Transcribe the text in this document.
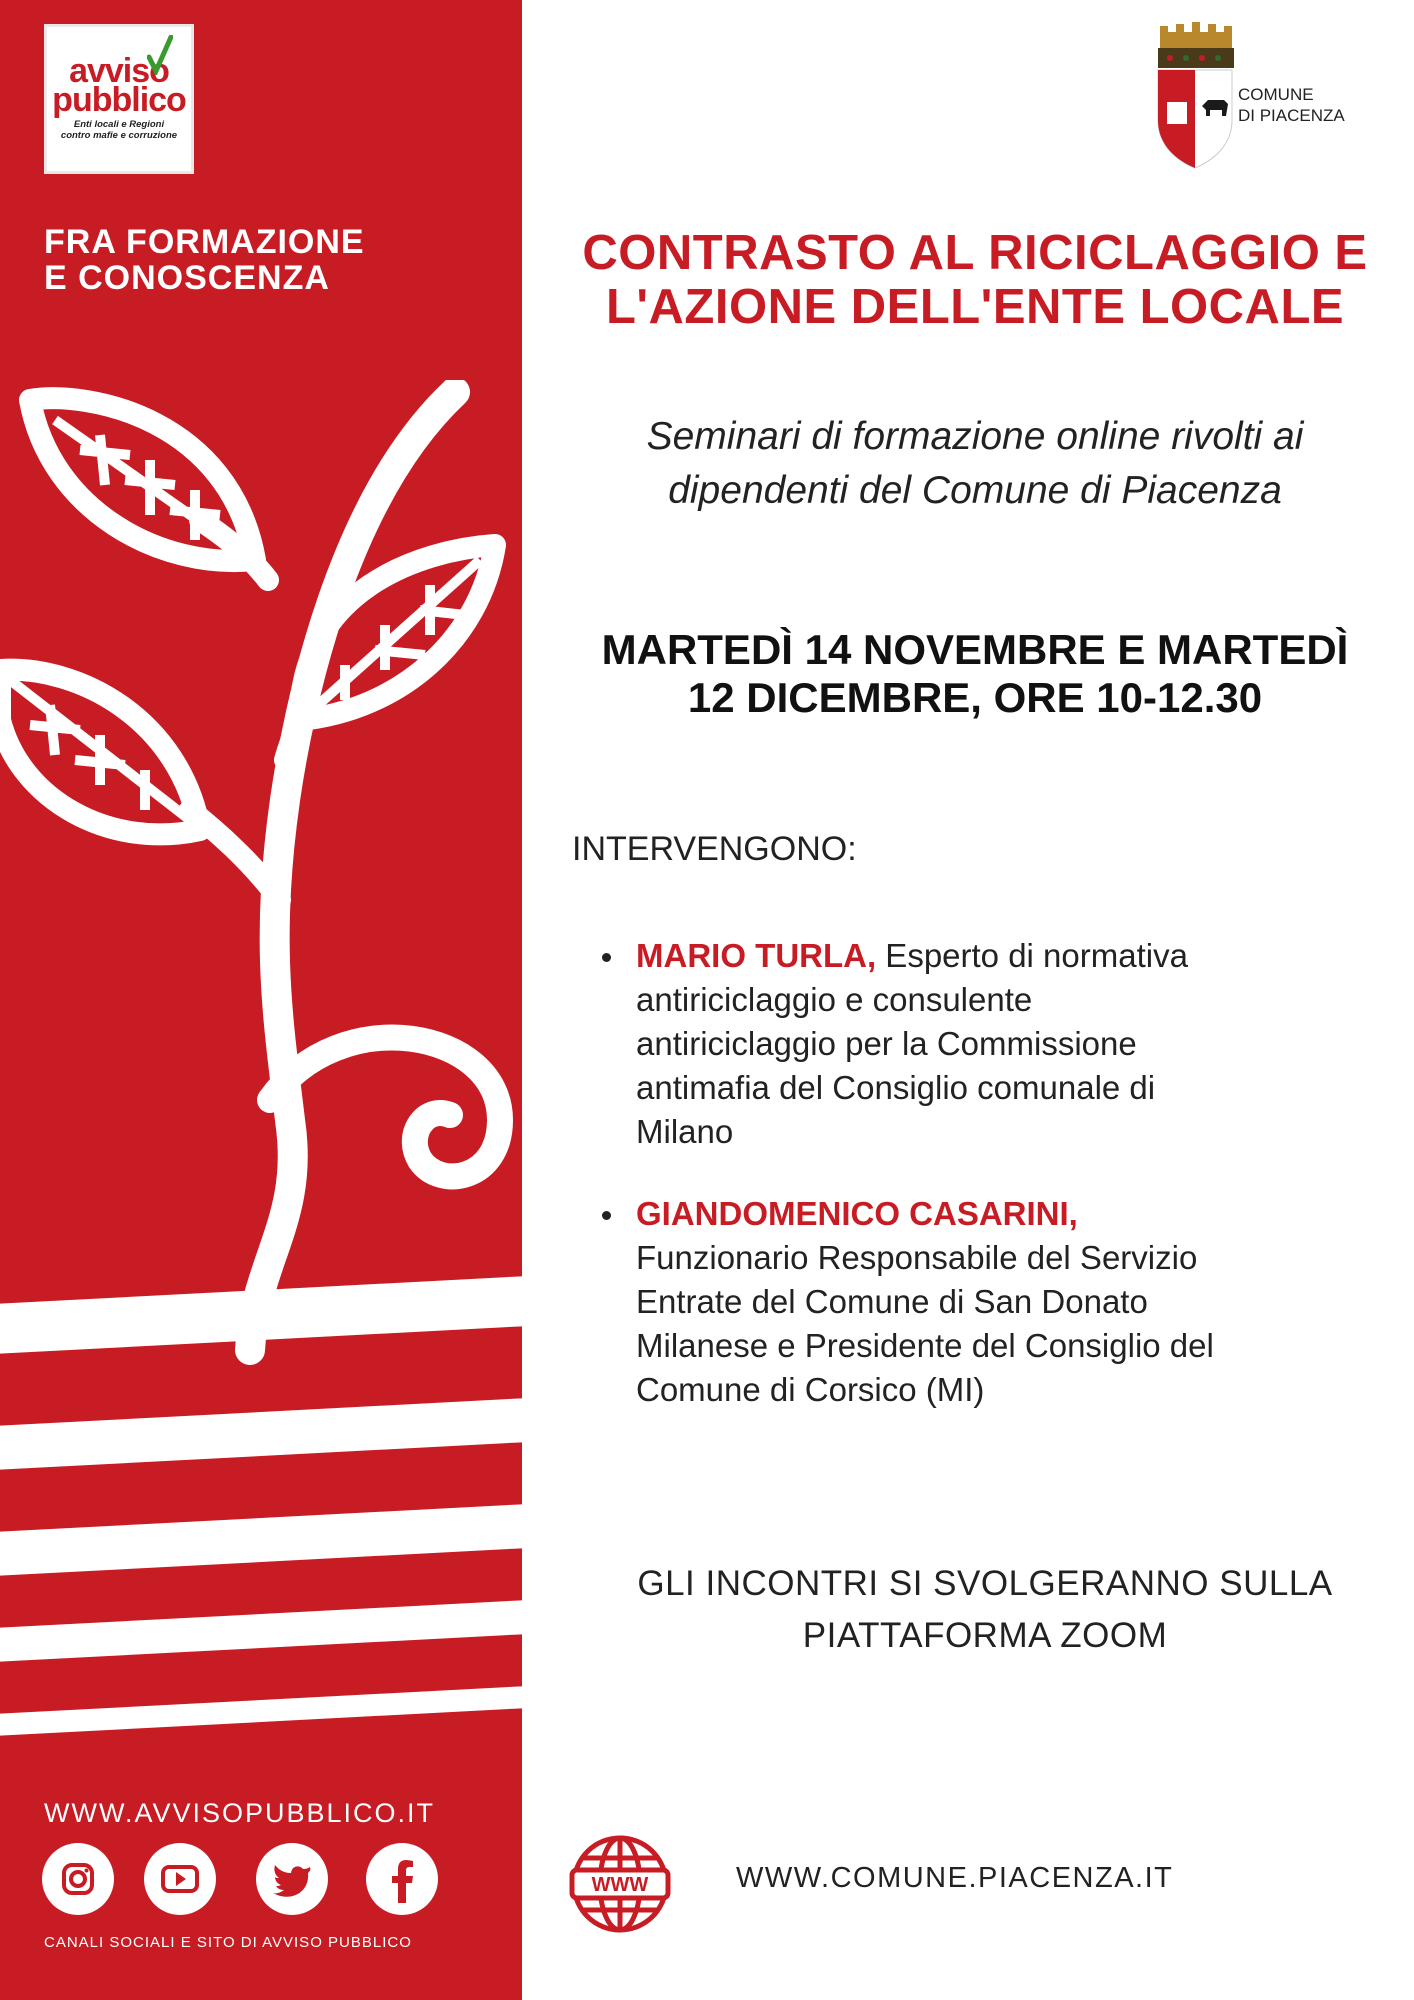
avviso
pubblico
Enti locali e Regioni
contro mafie e corruzione
FRA FORMAZIONE
E CONOSCENZA
WWW.AVVISOPUBBLICO.IT
CANALI SOCIALI E SITO DI AVVISO PUBBLICO
COMUNE
DI PIACENZA
CONTRASTO AL RICICLAGGIO E
L'AZIONE DELL'ENTE LOCALE
Seminari di formazione online rivolti ai
dipendenti del Comune di Piacenza
MARTEDÌ 14 NOVEMBRE E MARTEDÌ
12 DICEMBRE, ORE 10-12.30
INTERVENGONO:
MARIO TURLA, Esperto di normativa
antiriciclaggio e consulente
antiriciclaggio per la Commissione
antimafia del Consiglio comunale di
Milano
GIANDOMENICO CASARINI,
Funzionario Responsabile del Servizio
Entrate del Comune di San Donato
Milanese e Presidente del Consiglio del
Comune di Corsico (MI)
GLI INCONTRI SI SVOLGERANNO SULLA
PIATTAFORMA ZOOM
WWW	WWW.COMUNE.PIACENZA.IT
